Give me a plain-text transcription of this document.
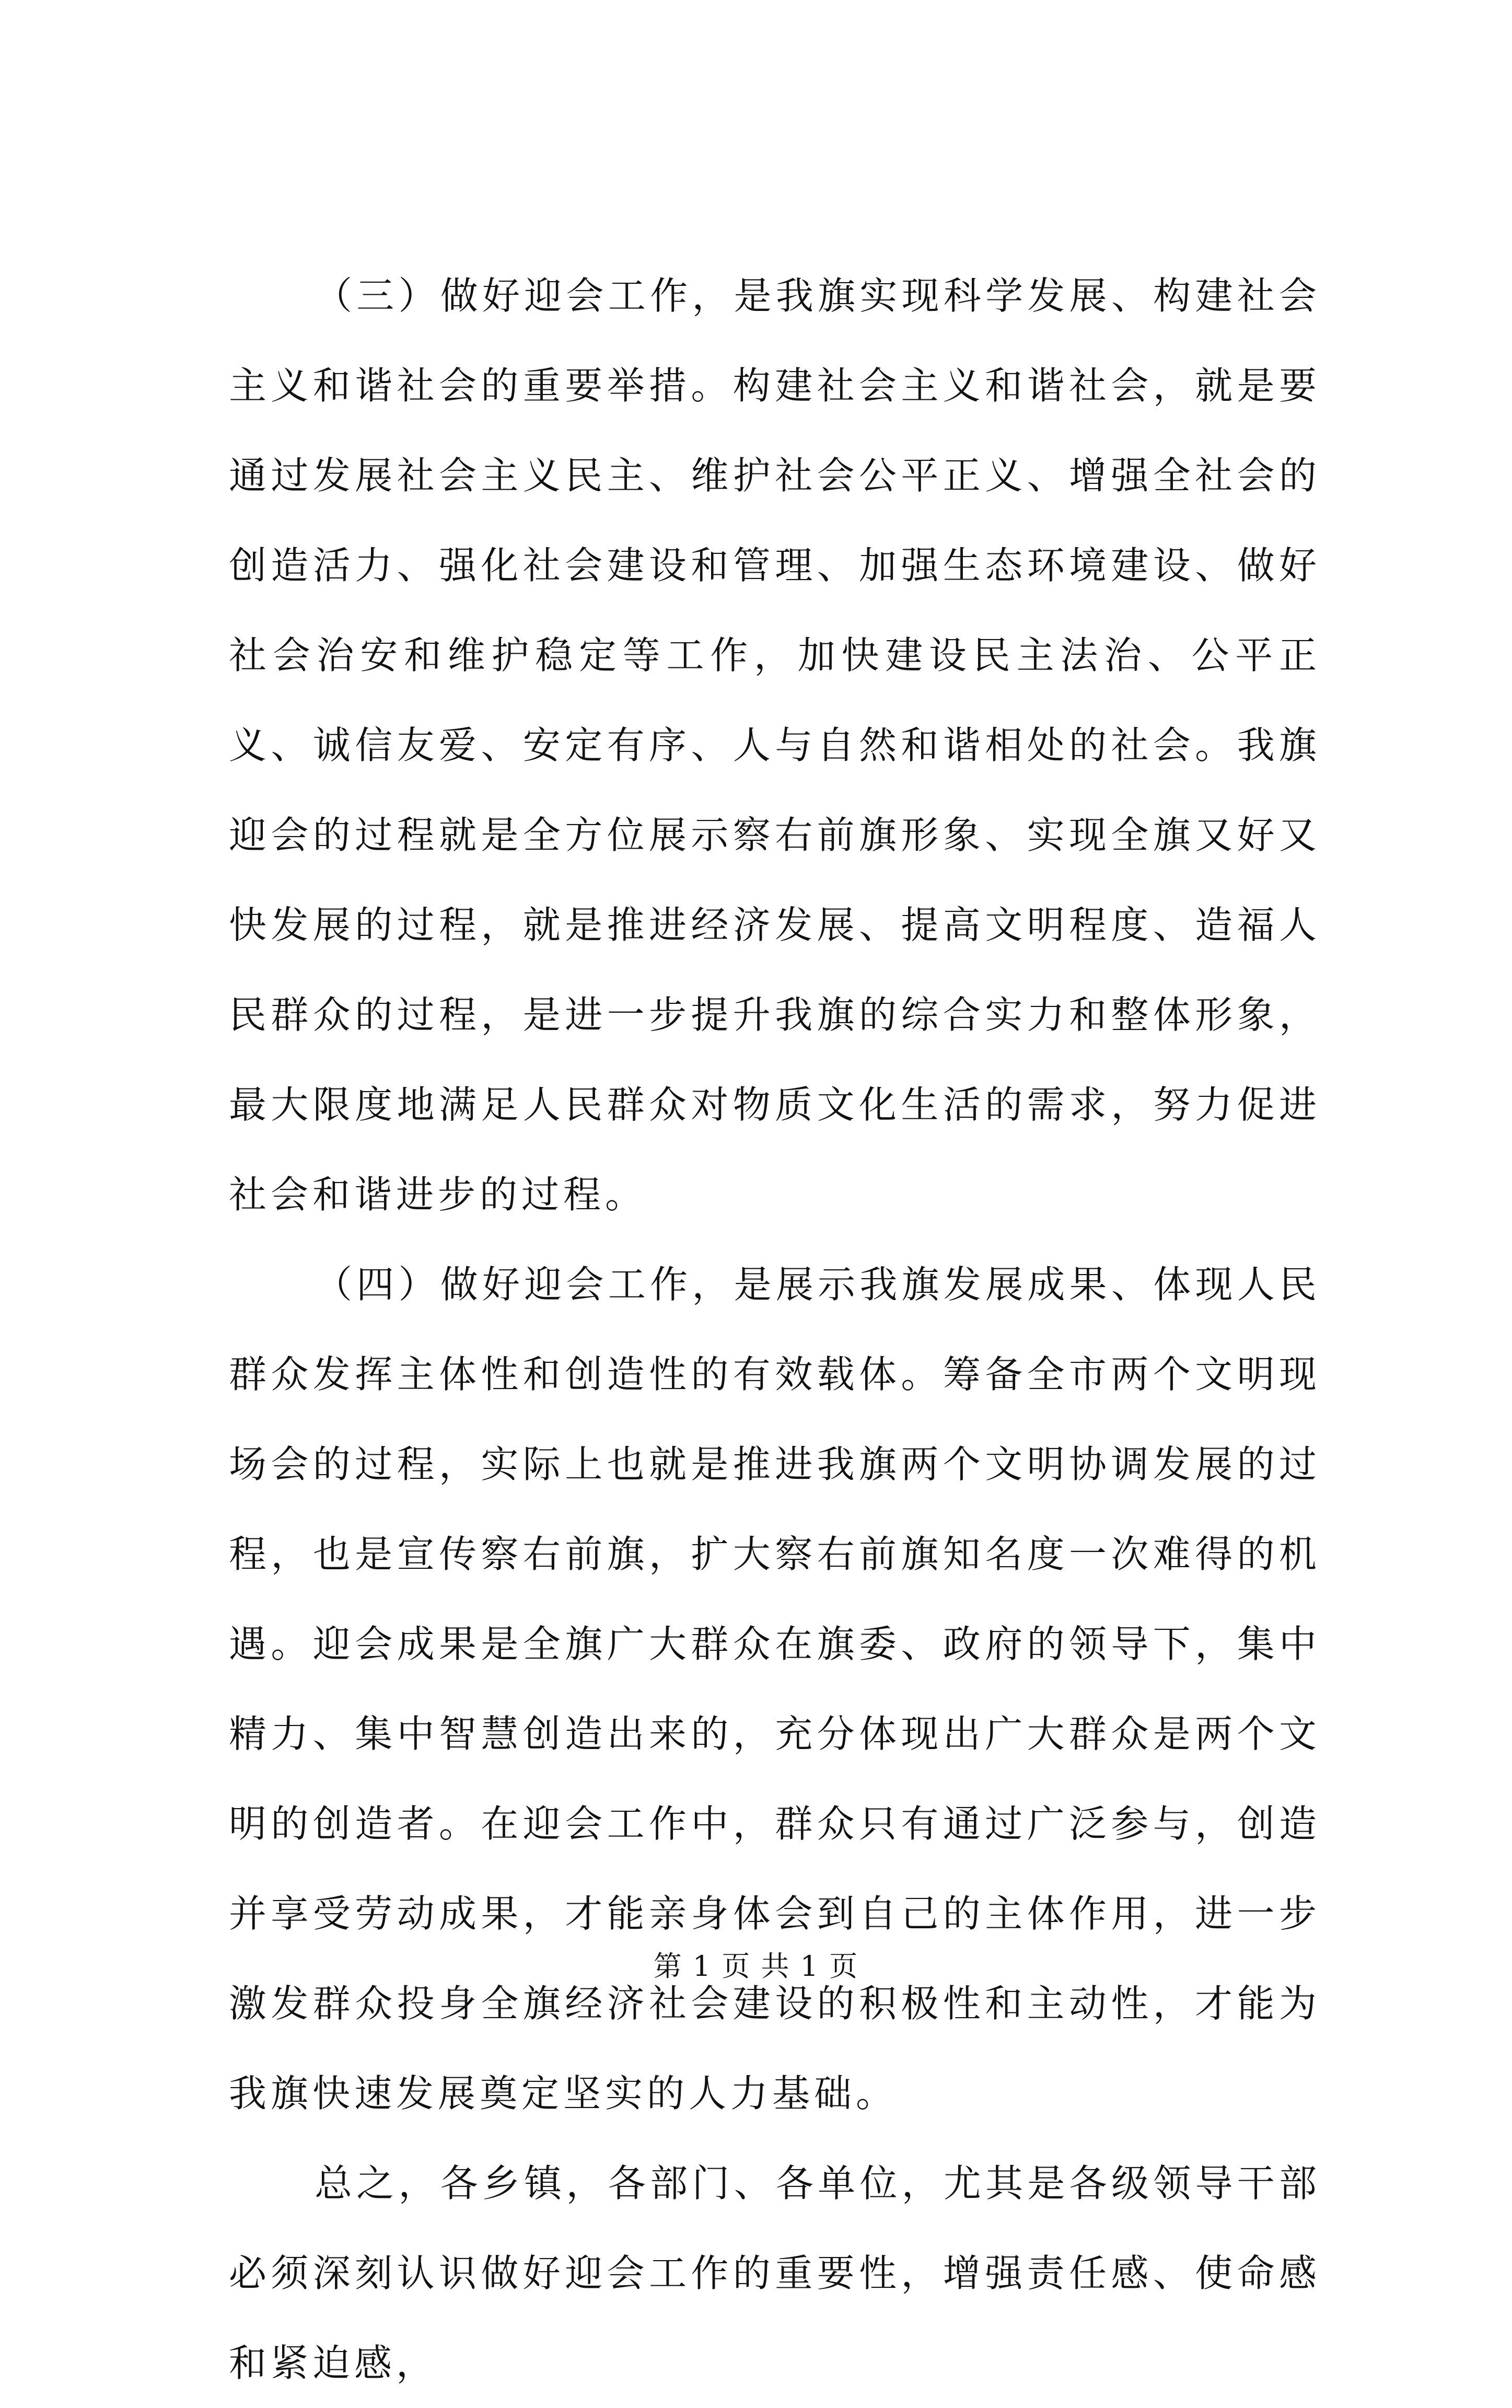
（三）做好迎会工作，是我旗实现科学发展、构建社会主义和谐社会的重要举措。构建社会主义和谐社会，就是要通过发展社会主义民主、维护社会公平正义、增强全社会的创造活力、强化社会建设和管理、加强生态环境建设、做好社会治安和维护稳定等工作，加快建设民主法治、公平正义、诚信友爱、安定有序、人与自然和谐相处的社会。我旗迎会的过程就是全方位展示察右前旗形象、实现全旗又好又快发展的过程，就是推进经济发展、提高文明程度、造福人民群众的过程，是进一步提升我旗的综合实力和整体形象，最大限度地满足人民群众对物质文化生活的需求，努力促进社会和谐进步的过程。

（四）做好迎会工作，是展示我旗发展成果、体现人民群众发挥主体性和创造性的有效载体。筹备全市两个文明现场会的过程，实际上也就是推进我旗两个文明协调发展的过程，也是宣传察右前旗，扩大察右前旗知名度一次难得的机遇。迎会成果是全旗广大群众在旗委、政府的领导下，集中精力、集中智慧创造出来的，充分体现出广大群众是两个文明的创造者。在迎会工作中，群众只有通过广泛参与，创造并享受劳动成果，才能亲身体会到自己的主体作用，进一步激发群众投身全旗经济社会建设的积极性和主动性，才能为我旗快速发展奠定坚实的人力基础。

总之，各乡镇，各部门、各单位，尤其是各级领导干部必须深刻认识做好迎会工作的重要性，增强责任感、使命感和紧迫感，

第 1 页 共 1 页
